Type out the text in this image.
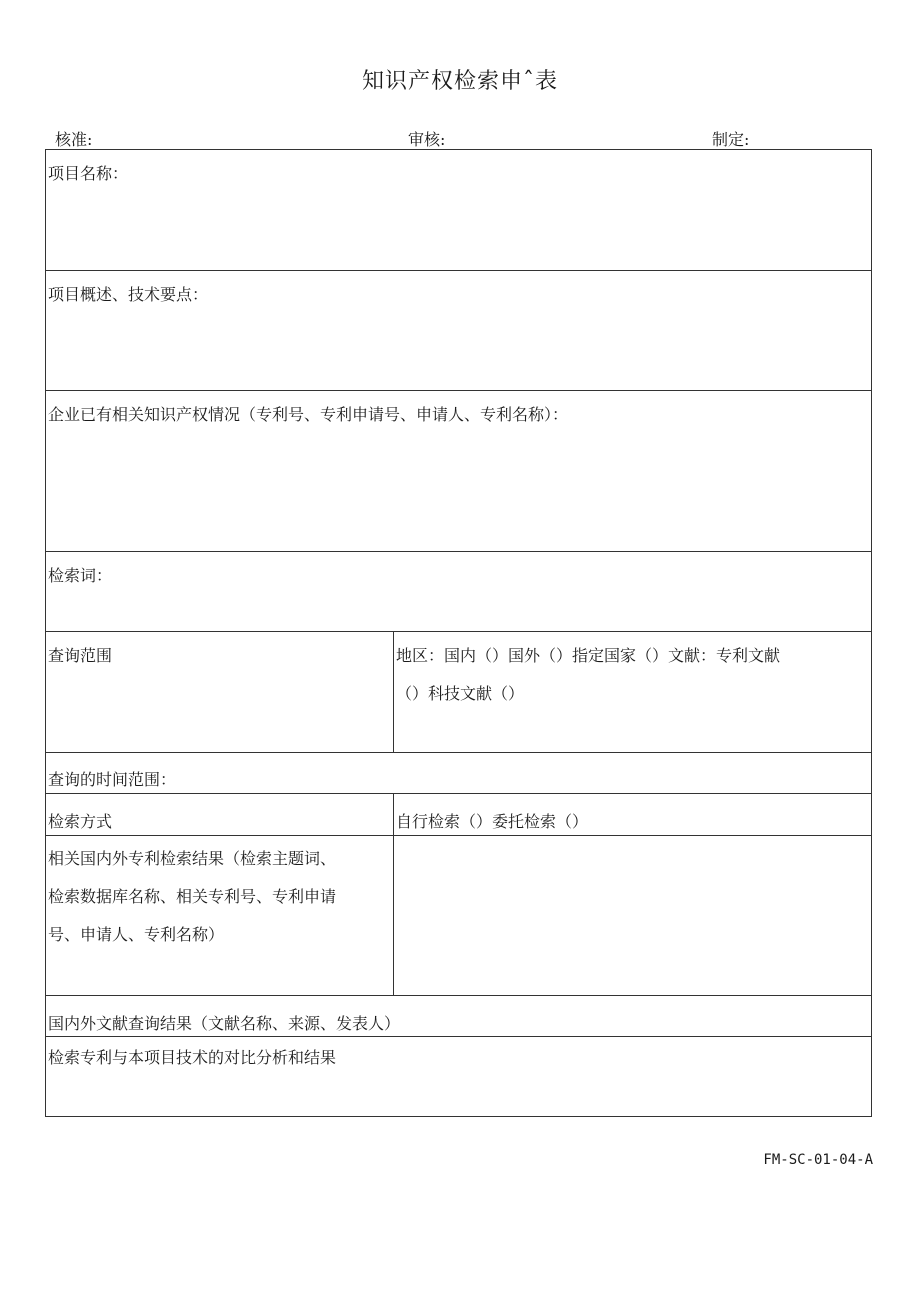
知识产权检索申ˆ表
核准:	审核:	制定:
项目名称：
项目概述、技术要点：
企业已有相关知识产权情况（专利号、专利申请号、申请人、专利名称）：
检索词：
查询范围	地区：国内（）国外（）指定国家（）文献：专利文献
（）科技文献（）
查询的时间范围：
检索方式	自行检索（）委托检索（）
相关国内外专利检索结果（检索主题词、
检索数据库名称、相关专利号、专利申请
号、申请人、专利名称）
国内外文献查询结果（文献名称、来源、发表人）
检索专利与本项目技术的对比分析和结果
FM-SC-01-04-A
